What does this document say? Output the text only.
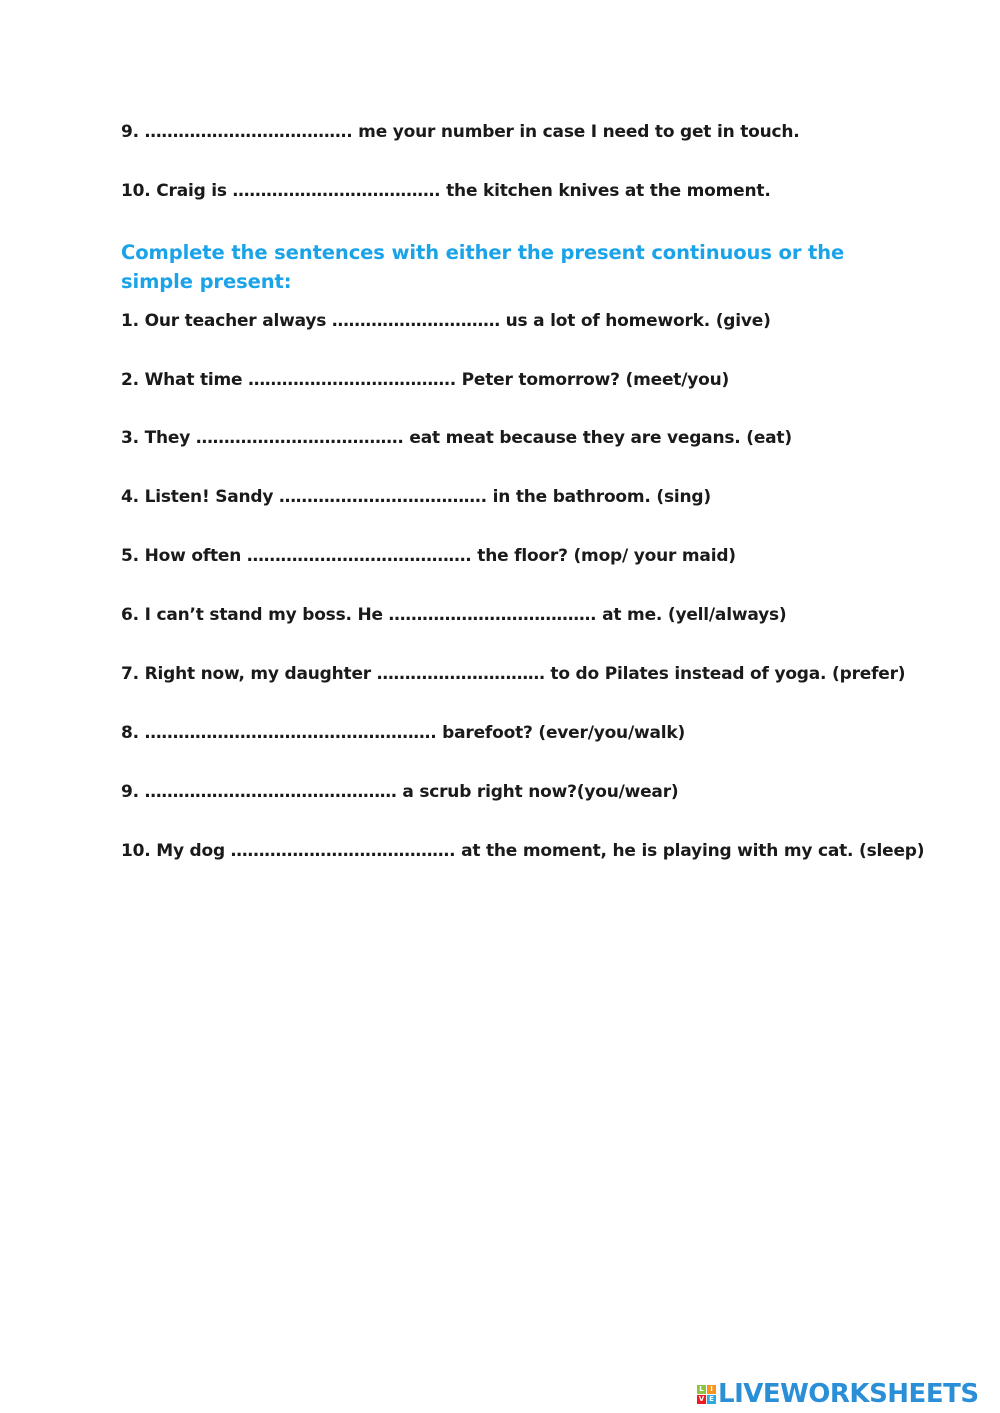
9. ………………………………. me your number in case I need to get in touch.
10. Craig is ………………………………. the kitchen knives at the moment.
Complete the sentences with either the present continuous or the simple present:
1. Our teacher always ………………………… us a lot of homework. (give)
2. What time ………………………………. Peter tomorrow? (meet/you)
3. They ………………………………. eat meat because they are vegans. (eat)
4. Listen! Sandy ………………………………. in the bathroom. (sing)
5. How often …………………………………. the floor? (mop/ your maid)
6. I can’t stand my boss. He ………………………………. at me. (yell/always)
7. Right now, my daughter ………………………… to do Pilates instead of yoga. (prefer)
8. ……………………………………………. barefoot? (ever/you/walk)
9. ……………………………………… a scrub right now?(you/wear)
10. My dog …………………………………. at the moment, he is playing with my cat. (sleep)
L I
V E LIVEWORKSHEETS
